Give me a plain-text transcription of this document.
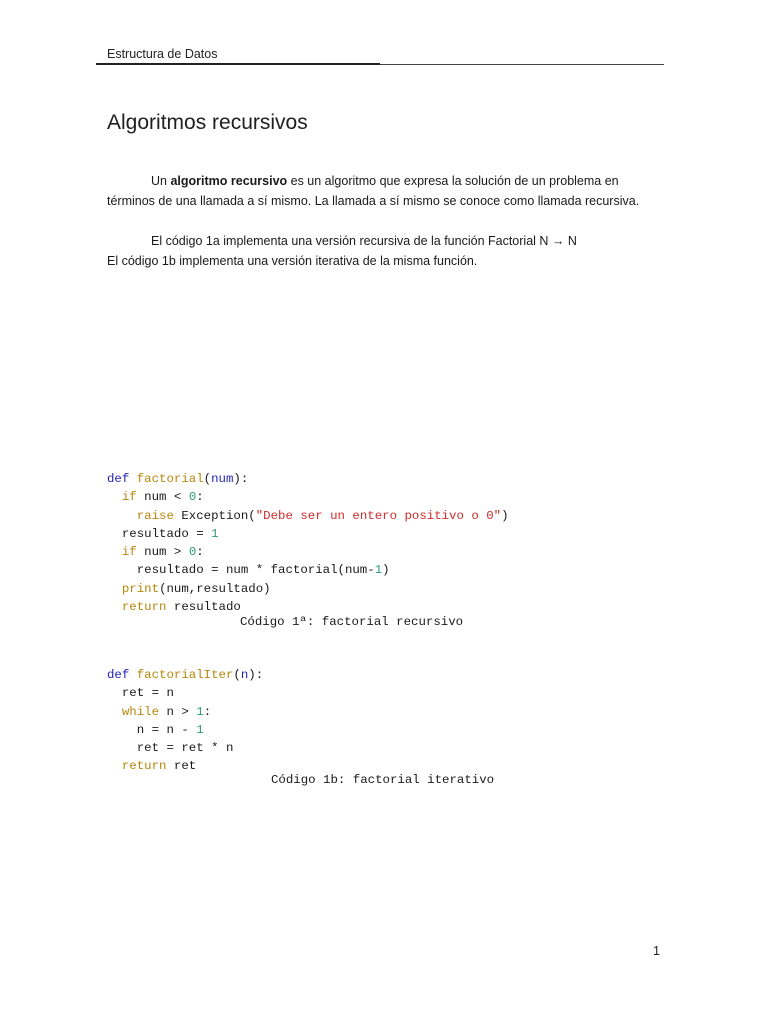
Estructura de Datos
Algoritmos recursivos

Un algoritmo recursivo es un algoritmo que expresa la solución de un problema en
términos de una llamada a sí mismo. La llamada a sí mismo se conoce como llamada recursiva.

El código 1a implementa una versión recursiva de la función Factorial N → N
El código 1b implementa una versión iterativa de la misma función.

def factorial(num):
if num < 0:
raise Exception("Debe ser un entero positivo o 0")
resultado = 1
if num > 0:
resultado = num * factorial(num-1)
print(num,resultado)
return resultado
Código 1ª: factorial recursivo
def factorialIter(n):
ret = n
while n > 1:
n = n - 1
ret = ret * n
return ret
Código 1b: factorial iterativo
1
